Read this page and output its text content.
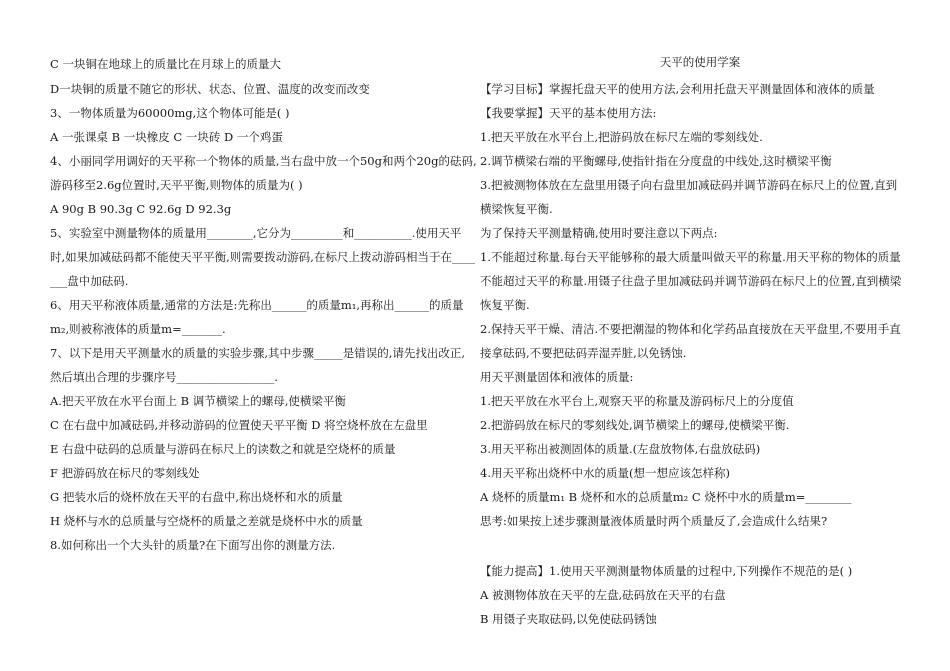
C 一块铜在地球上的质量比在月球上的质量大
D一块铜的质量不随它的形状、状态、位置、温度的改变而改变
3、一物体质量为60000mg,这个物体可能是( )
A 一张课桌 B 一块橡皮 C 一块砖 D 一个鸡蛋
4、小丽同学用调好的天平称一个物体的质量,当右盘中放一个50g和两个20g的砝码,
游码移至2.6g位置时,天平平衡,则物体的质量为( )
A 90g B 90.3g C 92.6g D 92.3g
5、实验室中测量物体的质量用________,它分为_________和__________.使用天平
时,如果加减砝码都不能使天平平衡,则需要拨动游码,在标尺上拨动游码相当于在____
___盘中加砝码.
6、用天平称液体质量,通常的方法是:先称出______的质量m₁,再称出______的质量
m₂,则被称液体的质量m=_______.
7、以下是用天平测量水的质量的实验步骤,其中步骤_____是错误的,请先找出改正,
然后填出合理的步骤序号_________________.
A.把天平放在水平台面上 B 调节横梁上的螺母,使横梁平衡
C 在右盘中加减砝码,并移动游码的位置使天平平衡 D 将空烧杯放在左盘里
E 右盘中砝码的总质量与游码在标尺上的读数之和就是空烧杯的质量
F 把游码放在标尺的零刻线处
G 把装水后的烧杯放在天平的右盘中,称出烧杯和水的质量
H 烧杯与水的总质量与空烧杯的质量之差就是烧杯中水的质量
8.如何称出一个大头针的质量?在下面写出你的测量方法.
天平的使用学案
【学习目标】掌握托盘天平的使用方法,会利用托盘天平测量固体和液体的质量
【我要掌握】天平的基本使用方法:
1.把天平放在水平台上,把游码放在标尺左端的零刻线处.
2.调节横梁右端的平衡螺母,使指针指在分度盘的中线处,这时横梁平衡
3.把被测物体放在左盘里用镊子向右盘里加减砝码并调节游码在标尺上的位置,直到
横梁恢复平衡.
为了保持天平测量精确,使用时要注意以下两点:
1.不能超过称量.每台天平能够称的最大质量叫做天平的称量.用天平称的物体的质量
不能超过天平的称量.用镊子往盘子里加减砝码并调节游码在标尺上的位置,直到横梁
恢复平衡.
2.保持天平干燥、清洁.不要把潮湿的物体和化学药品直接放在天平盘里,不要用手直
接拿砝码,不要把砝码弄湿弄脏,以免锈蚀.
用天平测量固体和液体的质量:
1.把天平放在水平台上,观察天平的称量及游码标尺上的分度值
2.把游码放在标尺的零刻线处,调节横梁上的螺母,使横梁平衡.
3.用天平称出被测固体的质量.(左盘放物体,右盘放砝码)
4.用天平称出烧杯中水的质量(想一想应该怎样称)
A 烧杯的质量m₁ B 烧杯和水的总质量m₂ C 烧杯中水的质量m=________
思考:如果按上述步骤测量液体质量时两个质量反了,会造成什么结果?
【能力提高】1.使用天平测测量物体质量的过程中,下列操作不规范的是( )
A 被测物体放在天平的左盘,砝码放在天平的右盘
B 用镊子夹取砝码,以免使砝码锈蚀
